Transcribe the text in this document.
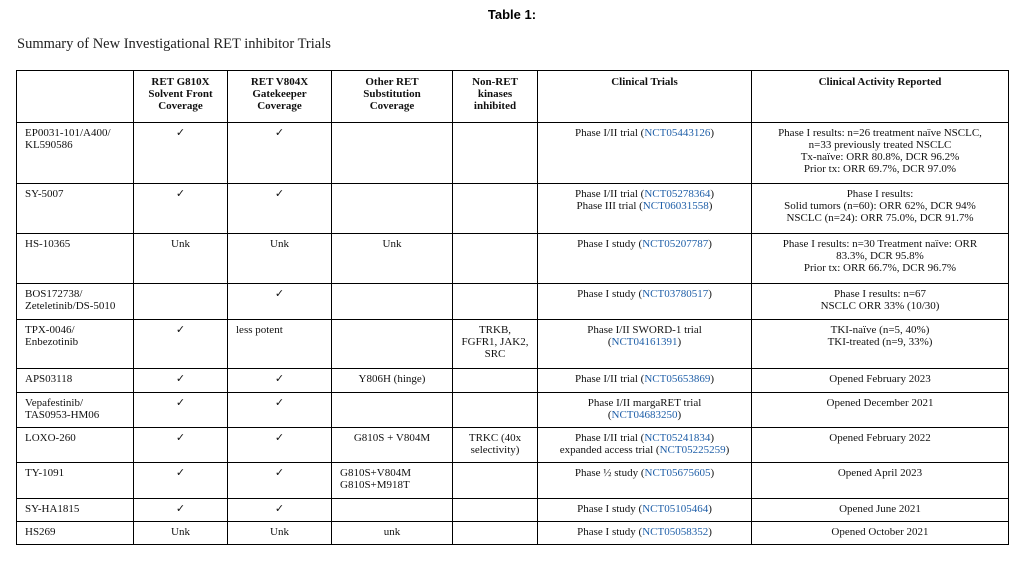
Table 1:
Summary of New Investigational RET inhibitor Trials

	RET G810X
Solvent Front
Coverage	RET V804X
Gatekeeper
Coverage	Other RET
Substitution
Coverage	Non-RET
kinases
inhibited	Clinical Trials	Clinical Activity Reported

EP0031-101/A400/
KL590586	✓	✓			Phase I/II trial (NCT05443126)	Phase I results: n=26 treatment naïve NSCLC,
n=33 previously treated NSCLC
Tx-naïve: ORR 80.8%, DCR 96.2%
Prior tx: ORR 69.7%, DCR 97.0%

SY-5007	✓	✓			Phase I/II trial (NCT05278364)
Phase III trial (NCT06031558)	Phase I results:
Solid tumors (n=60): ORR 62%, DCR 94%
NSCLC (n=24): ORR 75.0%, DCR 91.7%

HS-10365	Unk	Unk	Unk		Phase I study (NCT05207787)	Phase I results: n=30 Treatment naïve: ORR
83.3%, DCR 95.8%
Prior tx: ORR 66.7%, DCR 96.7%

BOS172738/
Zeteletinib/DS-5010		✓			Phase I study (NCT03780517)	Phase I results: n=67
NSCLC ORR 33% (10/30)

TPX-0046/
Enbezotinib	✓	less potent		TRKB,
FGFR1, JAK2,
SRC	Phase I/II SWORD-1 trial
(NCT04161391)	TKI-naïve (n=5, 40%)
TKI-treated (n=9, 33%)

APS03118	✓	✓	Y806H (hinge)		Phase I/II trial (NCT05653869)	Opened February 2023

Vepafestinib/
TAS0953-HM06	✓	✓			Phase I/II margaRET trial
(NCT04683250)	Opened December 2021

LOXO-260	✓	✓	G810S + V804M	TRKC (40x
selectivity)	Phase I/II trial (NCT05241834)
expanded access trial (NCT05225259)	Opened February 2022

TY-1091	✓	✓	G810S+V804M
G810S+M918T		Phase ½ study (NCT05675605)	Opened April 2023

SY-HA1815	✓	✓			Phase I study (NCT05105464)	Opened June 2021

HS269	Unk	Unk	unk		Phase I study (NCT05058352)	Opened October 2021
